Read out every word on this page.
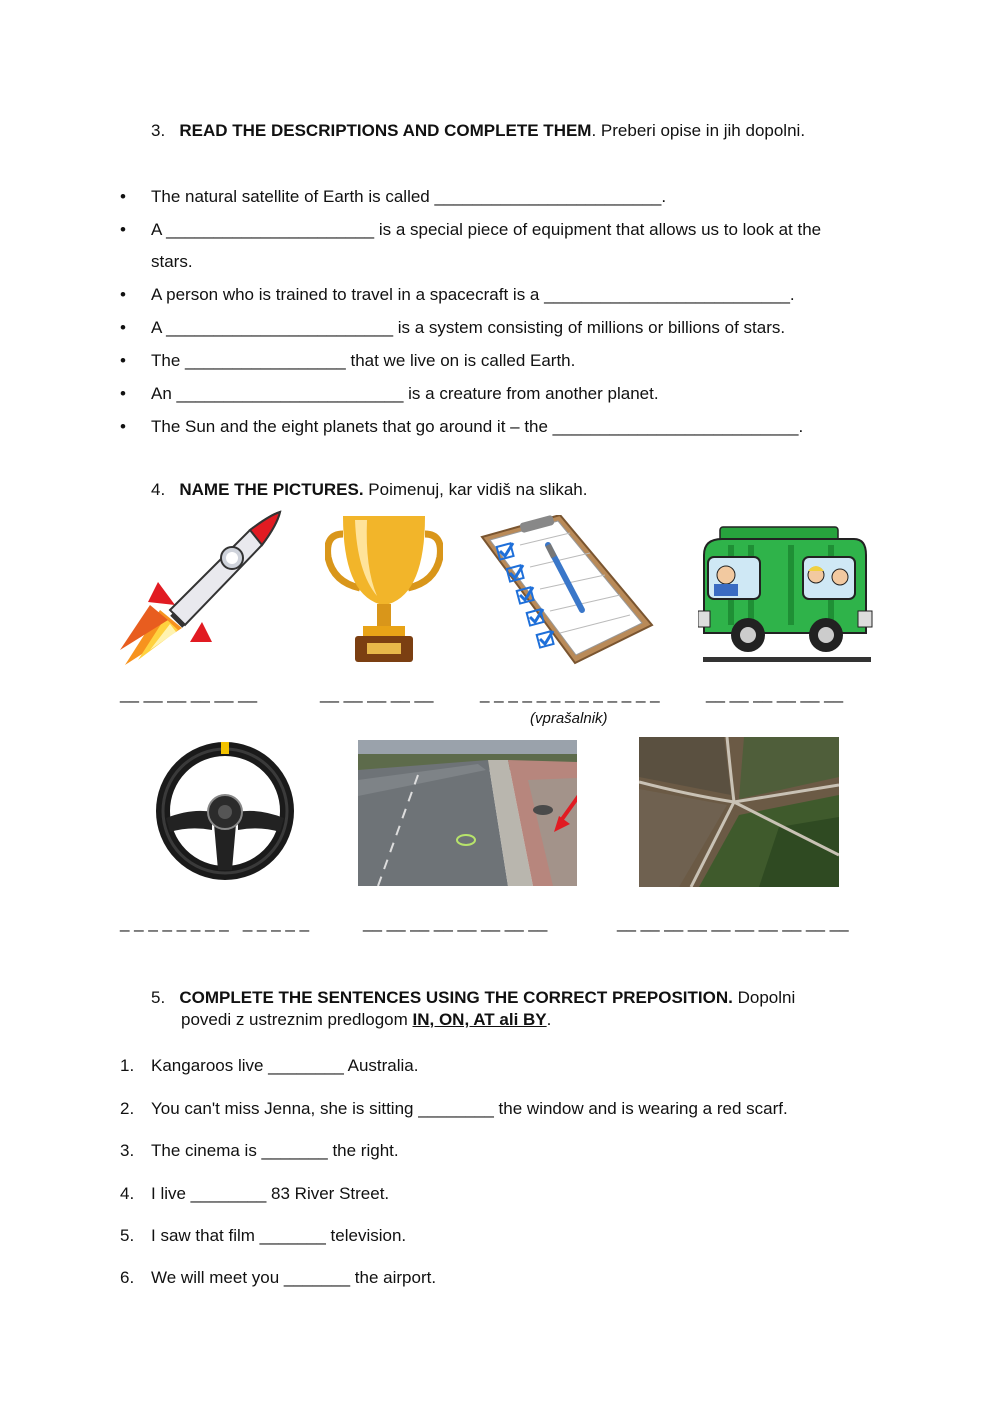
3. READ THE DESCRIPTIONS AND COMPLETE THEM. Preberi opise in jih dopolni.
• The natural satellite of Earth is called ________________________.
• A ______________________ is a special piece of equipment that allows us to look at the
stars.
• A person who is trained to travel in a spacecraft is a __________________________.
• A ________________________ is a system consisting of millions or billions of stars.
• The _________________ that we live on is called Earth.
• An ________________________ is a creature from another planet.
• The Sun and the eight planets that go around it – the __________________________.
4. NAME THE PICTURES. Poimenuj, kar vidiš na slikah.
__ __ __ __ __ __	__ __ __ __ __	_ _ _ _ _ _ _ _ _ _ _ _ _	__ __ __ __ __ __
(vprašalnik)
_ _ _ _ _ _ _ _   _ _ _ _ _	__ __ __ __ __ __ __ __	__ __ __ __ __ __ __ __ __ __
5. COMPLETE THE SENTENCES USING THE CORRECT PREPOSITION. Dopolni
povedi z ustreznim predlogom IN, ON, AT ali BY.
1. Kangaroos live ________ Australia.
2. You can't miss Jenna, she is sitting ________ the window and is wearing a red scarf.
3. The cinema is _______ the right.
4. I live ________ 83 River Street.
5. I saw that film _______ television.
6. We will meet you _______ the airport.
